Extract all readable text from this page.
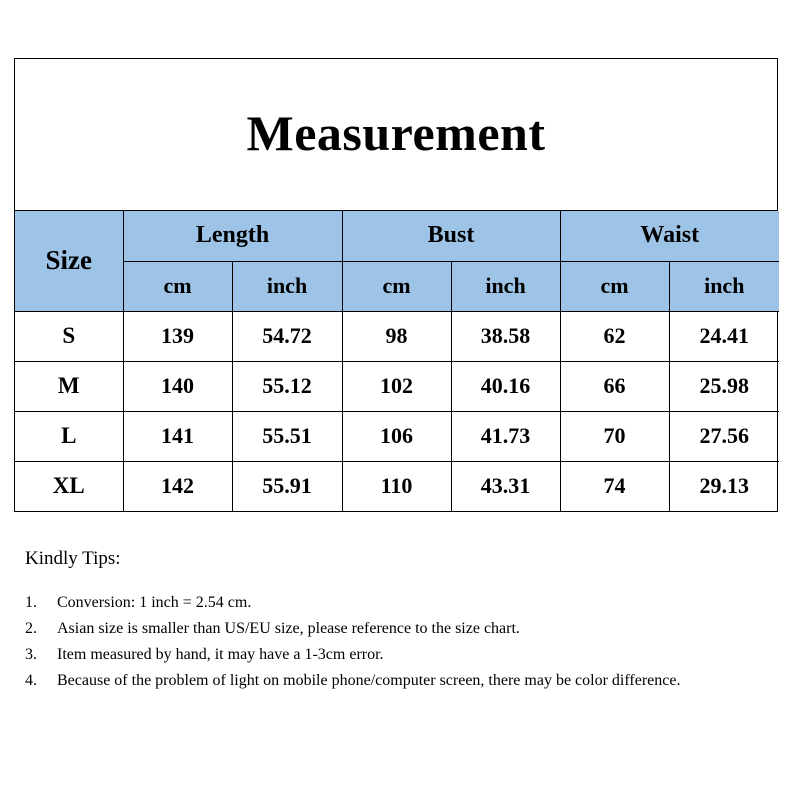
Measurement
Size	Length		Bust		Waist	
	cm	inch	cm	inch	cm	inch
S	139	54.72	98	38.58	62	24.41
M	140	55.12	102	40.16	66	25.98
L	141	55.51	106	41.73	70	27.56
XL	142	55.91	110	43.31	74	29.13

Kindly Tips:

1.	Conversion: 1 inch = 2.54 cm.
2.	Asian size is smaller than US/EU size, please reference to the size chart.
3.	Item measured by hand, it may have a 1-3cm error.
4.	Because of the problem of light on mobile phone/computer screen, there may be color difference.
